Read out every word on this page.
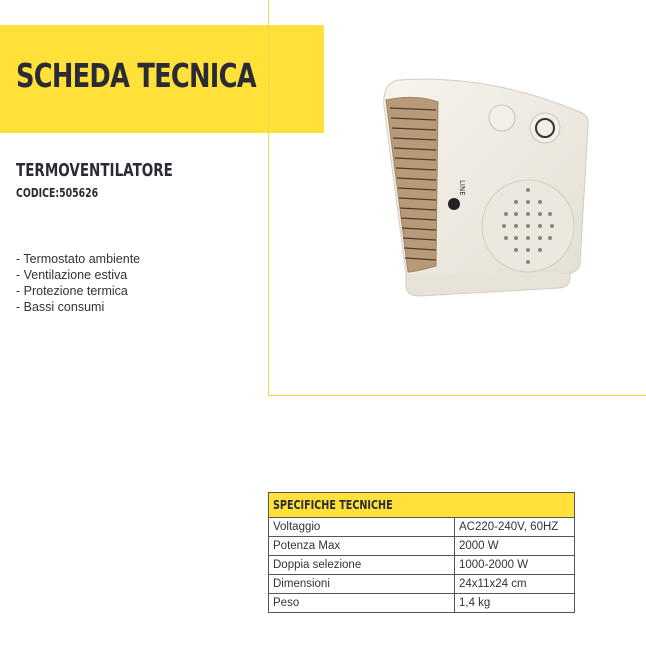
SCHEDA TECNICA
TERMOVENTILATORE
CODICE:505626
- Termostato ambiente
- Ventilazione estiva
- Protezione termica
- Bassi consumi
LINE
SPECIFICHE TECNICHE	
Voltaggio	AC220-240V, 60HZ
Potenza Max	2000 W
Doppia selezione	1000-2000 W
Dimensioni	24x11x24 cm
Peso	1,4 kg
